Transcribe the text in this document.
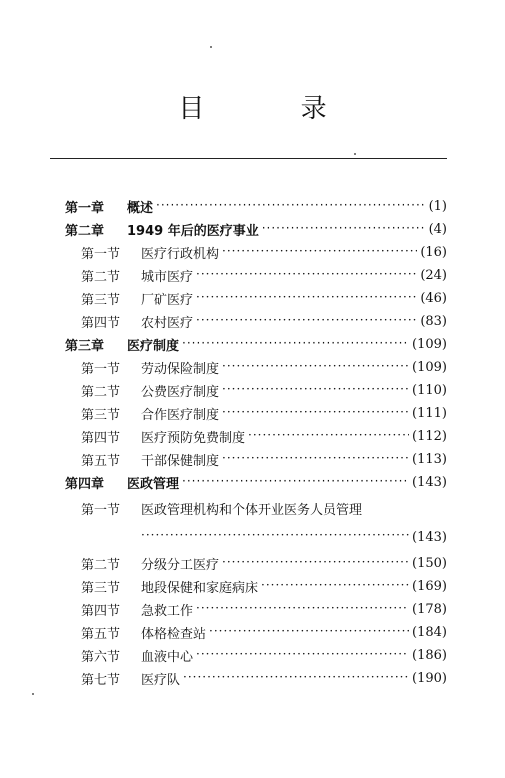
目 录
第一章	概述 ·····	(1)
第二章	1949 年后的医疗事业 ·····	(4)
第一节	医疗行政机构 ·····	(16)
第二节	城市医疗 ·····	(24)
第三节	厂矿医疗 ·····	(46)
第四节	农村医疗 ·····	(83)
第三章	医疗制度 ·····	(109)
第一节	劳动保险制度 ·····	(109)
第二节	公费医疗制度 ·····	(110)
第三节	合作医疗制度 ·····	(111)
第四节	医疗预防免费制度 ·····	(112)
第五节	干部保健制度 ·····	(113)
第四章	医政管理 ·····	(143)
第一节	医政管理机构和个体开业医务人员管理
·····
(143)
第二节	分级分工医疗 ·····	(150)
第三节	地段保健和家庭病床 ·····	(169)
第四节	急救工作 ·····	(178)
第五节	体格检查站 ·····	(184)
第六节	血液中心 ·····	(186)
第七节	医疗队 ·····	(190)
